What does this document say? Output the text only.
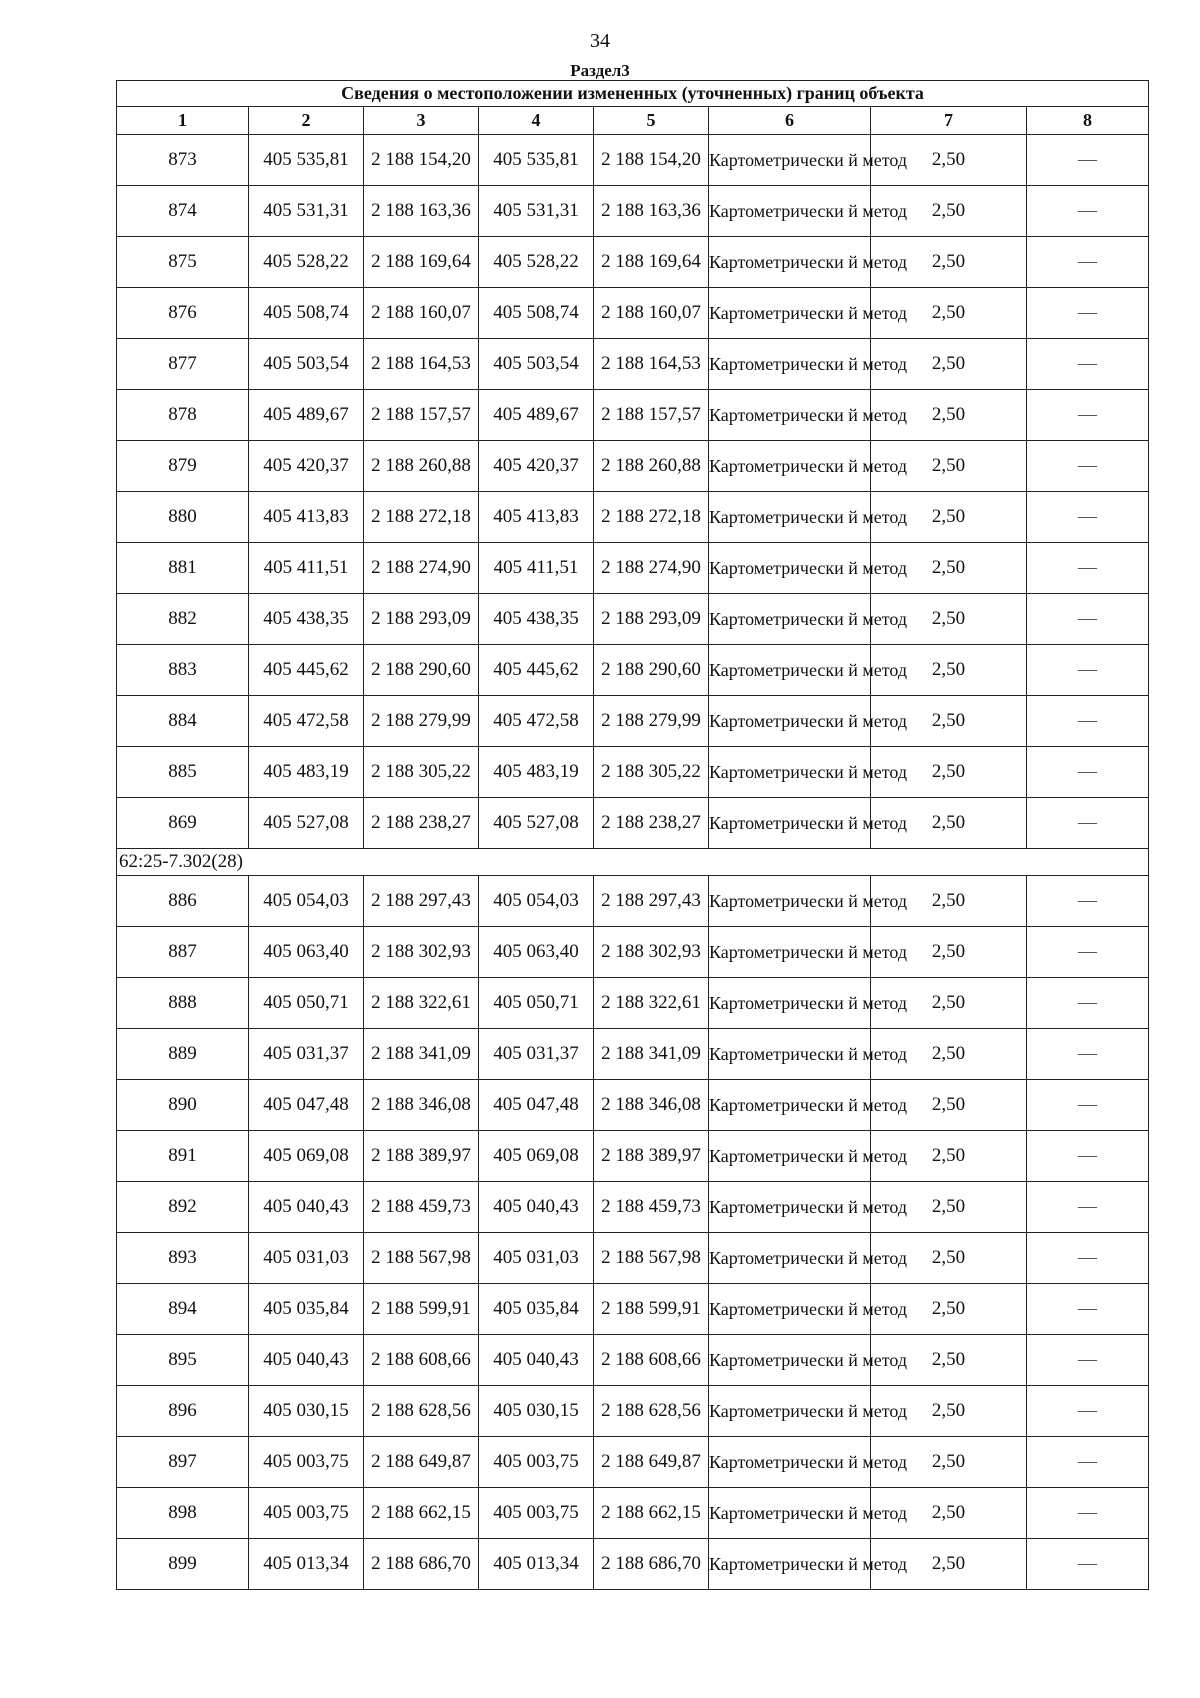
34
Раздел3
Сведения о местоположении измененных (уточненных) границ объекта							
1	2	3	4	5	6	7	8
873	405 535,81	2 188 154,20	405 535,81	2 188 154,20	Картометрически й метод	2,50	—
874	405 531,31	2 188 163,36	405 531,31	2 188 163,36	Картометрически й метод	2,50	—
875	405 528,22	2 188 169,64	405 528,22	2 188 169,64	Картометрически й метод	2,50	—
876	405 508,74	2 188 160,07	405 508,74	2 188 160,07	Картометрически й метод	2,50	—
877	405 503,54	2 188 164,53	405 503,54	2 188 164,53	Картометрически й метод	2,50	—
878	405 489,67	2 188 157,57	405 489,67	2 188 157,57	Картометрически й метод	2,50	—
879	405 420,37	2 188 260,88	405 420,37	2 188 260,88	Картометрически й метод	2,50	—
880	405 413,83	2 188 272,18	405 413,83	2 188 272,18	Картометрически й метод	2,50	—
881	405 411,51	2 188 274,90	405 411,51	2 188 274,90	Картометрически й метод	2,50	—
882	405 438,35	2 188 293,09	405 438,35	2 188 293,09	Картометрически й метод	2,50	—
883	405 445,62	2 188 290,60	405 445,62	2 188 290,60	Картометрически й метод	2,50	—
884	405 472,58	2 188 279,99	405 472,58	2 188 279,99	Картометрически й метод	2,50	—
885	405 483,19	2 188 305,22	405 483,19	2 188 305,22	Картометрически й метод	2,50	—
869	405 527,08	2 188 238,27	405 527,08	2 188 238,27	Картометрически й метод	2,50	—
62:25-7.302(28)							
886	405 054,03	2 188 297,43	405 054,03	2 188 297,43	Картометрически й метод	2,50	—
887	405 063,40	2 188 302,93	405 063,40	2 188 302,93	Картометрически й метод	2,50	—
888	405 050,71	2 188 322,61	405 050,71	2 188 322,61	Картометрически й метод	2,50	—
889	405 031,37	2 188 341,09	405 031,37	2 188 341,09	Картометрически й метод	2,50	—
890	405 047,48	2 188 346,08	405 047,48	2 188 346,08	Картометрически й метод	2,50	—
891	405 069,08	2 188 389,97	405 069,08	2 188 389,97	Картометрически й метод	2,50	—
892	405 040,43	2 188 459,73	405 040,43	2 188 459,73	Картометрически й метод	2,50	—
893	405 031,03	2 188 567,98	405 031,03	2 188 567,98	Картометрически й метод	2,50	—
894	405 035,84	2 188 599,91	405 035,84	2 188 599,91	Картометрически й метод	2,50	—
895	405 040,43	2 188 608,66	405 040,43	2 188 608,66	Картометрически й метод	2,50	—
896	405 030,15	2 188 628,56	405 030,15	2 188 628,56	Картометрически й метод	2,50	—
897	405 003,75	2 188 649,87	405 003,75	2 188 649,87	Картометрически й метод	2,50	—
898	405 003,75	2 188 662,15	405 003,75	2 188 662,15	Картометрически й метод	2,50	—
899	405 013,34	2 188 686,70	405 013,34	2 188 686,70	Картометрически й метод	2,50	—
